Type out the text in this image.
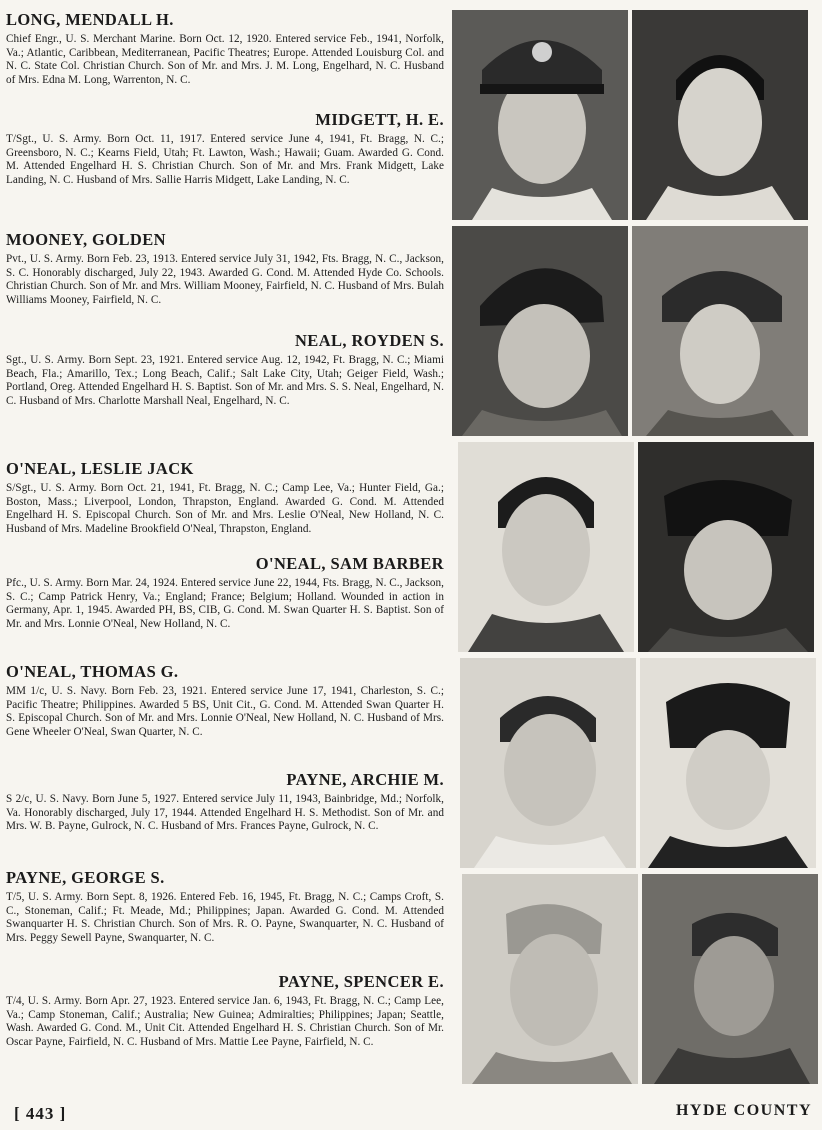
LONG, MENDALL H.
Chief Engr., U. S. Merchant Marine. Born Oct. 12, 1920. Entered service Feb., 1941, Norfolk, Va.; Atlantic, Caribbean, Mediterranean, Pacific Theatres; Europe. Attended Louisburg Col. and N. C. State Col. Christian Church. Son of Mr. and Mrs. J. M. Long, Engelhard, N. C. Husband of Mrs. Edna M. Long, Warrenton, N. C.
MIDGETT, H. E.
T/Sgt., U. S. Army. Born Oct. 11, 1917. Entered service June 4, 1941, Ft. Bragg, N. C.; Greensboro, N. C.; Kearns Field, Utah; Ft. Lawton, Wash.; Hawaii; Guam. Awarded G. Cond. M. Attended Engelhard H. S. Christian Church. Son of Mr. and Mrs. Frank Midgett, Lake Landing, N. C. Husband of Mrs. Sallie Harris Midgett, Lake Landing, N. C.
MOONEY, GOLDEN
Pvt., U. S. Army. Born Feb. 23, 1913. Entered service July 31, 1942, Fts. Bragg, N. C., Jackson, S. C. Honorably discharged, July 22, 1943. Awarded G. Cond. M. Attended Hyde Co. Schools. Christian Church. Son of Mr. and Mrs. William Mooney, Fairfield, N. C. Husband of Mrs. Bulah Williams Mooney, Fairfield, N. C.
NEAL, ROYDEN S.
Sgt., U. S. Army. Born Sept. 23, 1921. Entered service Aug. 12, 1942, Ft. Bragg, N. C.; Miami Beach, Fla.; Amarillo, Tex.; Long Beach, Calif.; Salt Lake City, Utah; Geiger Field, Wash.; Portland, Oreg. Attended Engelhard H. S. Baptist. Son of Mr. and Mrs. S. S. Neal, Engelhard, N. C. Husband of Mrs. Charlotte Marshall Neal, Engelhard, N. C.
O'NEAL, LESLIE JACK
S/Sgt., U. S. Army. Born Oct. 21, 1941, Ft. Bragg, N. C.; Camp Lee, Va.; Hunter Field, Ga.; Boston, Mass.; Liverpool, London, Thrapston, England. Awarded G. Cond. M. Attended Engelhard H. S. Episcopal Church. Son of Mr. and Mrs. Leslie O'Neal, New Holland, N. C. Husband of Mrs. Madeline Brookfield O'Neal, Thrapston, England.
O'NEAL, SAM BARBER
Pfc., U. S. Army. Born Mar. 24, 1924. Entered service June 22, 1944, Fts. Bragg, N. C., Jackson, S. C.; Camp Patrick Henry, Va.; England; France; Belgium; Holland. Wounded in action in Germany, Apr. 1, 1945. Awarded PH, BS, CIB, G. Cond. M. Swan Quarter H. S. Baptist. Son of Mr. and Mrs. Lonnie O'Neal, New Holland, N. C.
O'NEAL, THOMAS G.
MM 1/c, U. S. Navy. Born Feb. 23, 1921. Entered service June 17, 1941, Charleston, S. C.; Pacific Theatre; Philippines. Awarded 5 BS, Unit Cit., G. Cond. M. Attended Swan Quarter H. S. Episcopal Church. Son of Mr. and Mrs. Lonnie O'Neal, New Holland, N. C. Husband of Mrs. Gene Wheeler O'Neal, Swan Quarter, N. C.
PAYNE, ARCHIE M.
S 2/c, U. S. Navy. Born June 5, 1927. Entered service July 11, 1943, Bainbridge, Md.; Norfolk, Va. Honorably discharged, July 17, 1944. Attended Engelhard H. S. Methodist. Son of Mr. and Mrs. W. B. Payne, Gulrock, N. C. Husband of Mrs. Frances Payne, Gulrock, N. C.
PAYNE, GEORGE S.
T/5, U. S. Army. Born Sept. 8, 1926. Entered Feb. 16, 1945, Ft. Bragg, N. C.; Camps Croft, S. C., Stoneman, Calif.; Ft. Meade, Md.; Philippines; Japan. Awarded G. Cond. M. Attended Swanquarter H. S. Christian Church. Son of Mrs. R. O. Payne, Swanquarter, N. C. Husband of Mrs. Peggy Sewell Payne, Swanquarter, N. C.
PAYNE, SPENCER E.
T/4, U. S. Army. Born Apr. 27, 1923. Entered service Jan. 6, 1943, Ft. Bragg, N. C.; Camp Lee, Va.; Camp Stoneman, Calif.; Australia; New Guinea; Admiralties; Philippines; Japan; Seattle, Wash. Awarded G. Cond. M., Unit Cit. Attended Engelhard H. S. Christian Church. Son of Mr. Oscar Payne, Fairfield, N. C. Husband of Mrs. Mattie Lee Payne, Fairfield, N. C.
[ 443 ]	HYDE COUNTY
